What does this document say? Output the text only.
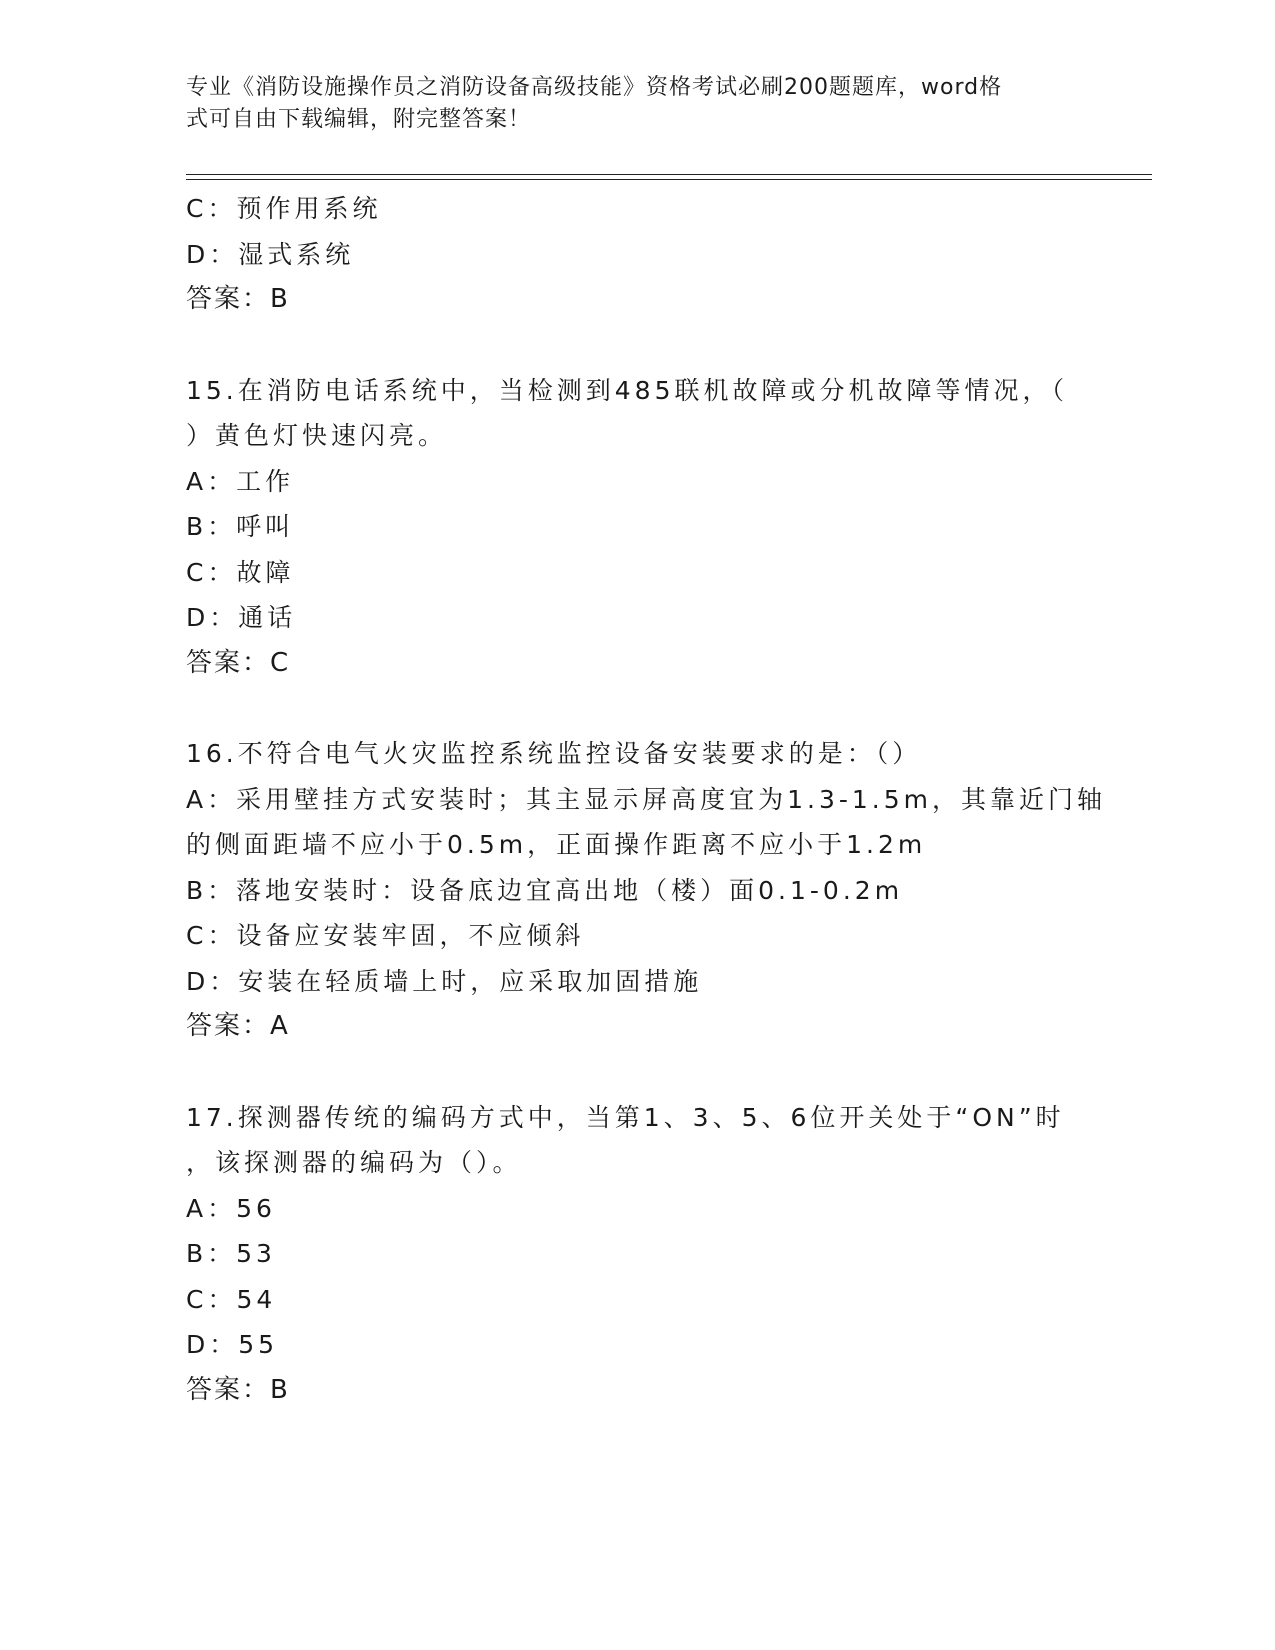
专业《消防设施操作员之消防设备高级技能》资格考试必刷200题题库，word格
式可自由下载编辑，附完整答案！
C：预作用系统
D：湿式系统
答案：B
15.在消防电话系统中，当检测到485联机故障或分机故障等情况，（
）黄色灯快速闪亮。
A：工作
B：呼叫
C：故障
D：通话
答案：C
16.不符合电气火灾监控系统监控设备安装要求的是：（）
A：采用壁挂方式安装时；其主显示屏高度宜为1.3-1.5m，其靠近门轴
的侧面距墙不应小于0.5m，正面操作距离不应小于1.2m
B：落地安装时：设备底边宜高出地（楼）面0.1-0.2m
C：设备应安装牢固，不应倾斜
D：安装在轻质墙上时，应采取加固措施
答案：A
17.探测器传统的编码方式中，当第1、3、5、6位开关处于“ON”时
，该探测器的编码为（）。
A：56
B：53
C：54
D：55
答案：B
